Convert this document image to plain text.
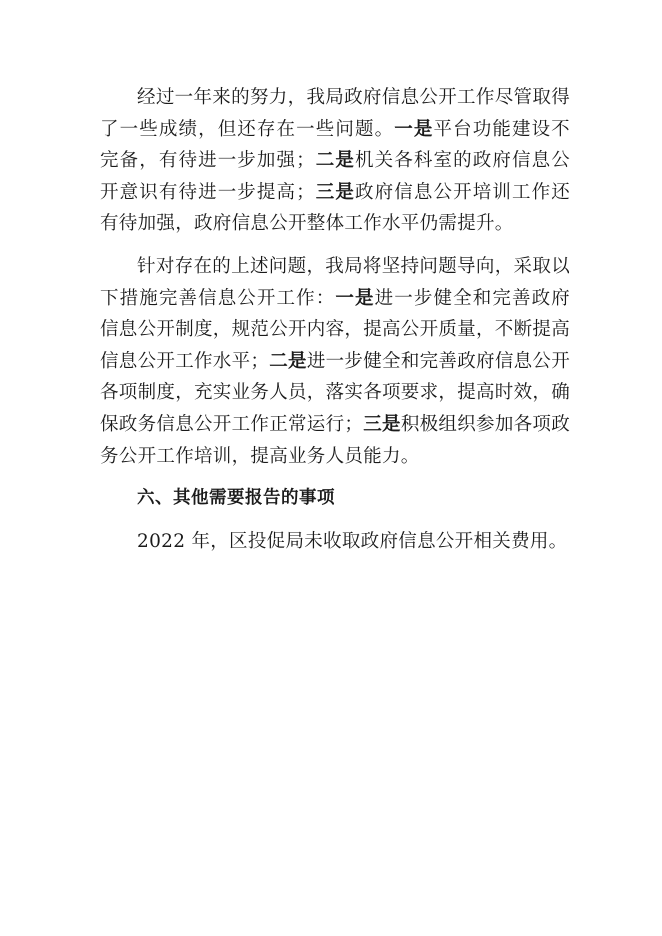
经过一年来的努力，我局政府信息公开工作尽管取得了一些成绩，但还存在一些问题。一是平台功能建设不完备，有待进一步加强；二是机关各科室的政府信息公开意识有待进一步提高；三是政府信息公开培训工作还有待加强，政府信息公开整体工作水平仍需提升。

针对存在的上述问题，我局将坚持问题导向，采取以下措施完善信息公开工作：一是进一步健全和完善政府信息公开制度，规范公开内容，提高公开质量，不断提高信息公开工作水平；二是进一步健全和完善政府信息公开各项制度，充实业务人员，落实各项要求，提高时效，确保政务信息公开工作正常运行；三是积极组织参加各项政务公开工作培训，提高业务人员能力。

六、其他需要报告的事项

2022 年，区投促局未收取政府信息公开相关费用。
